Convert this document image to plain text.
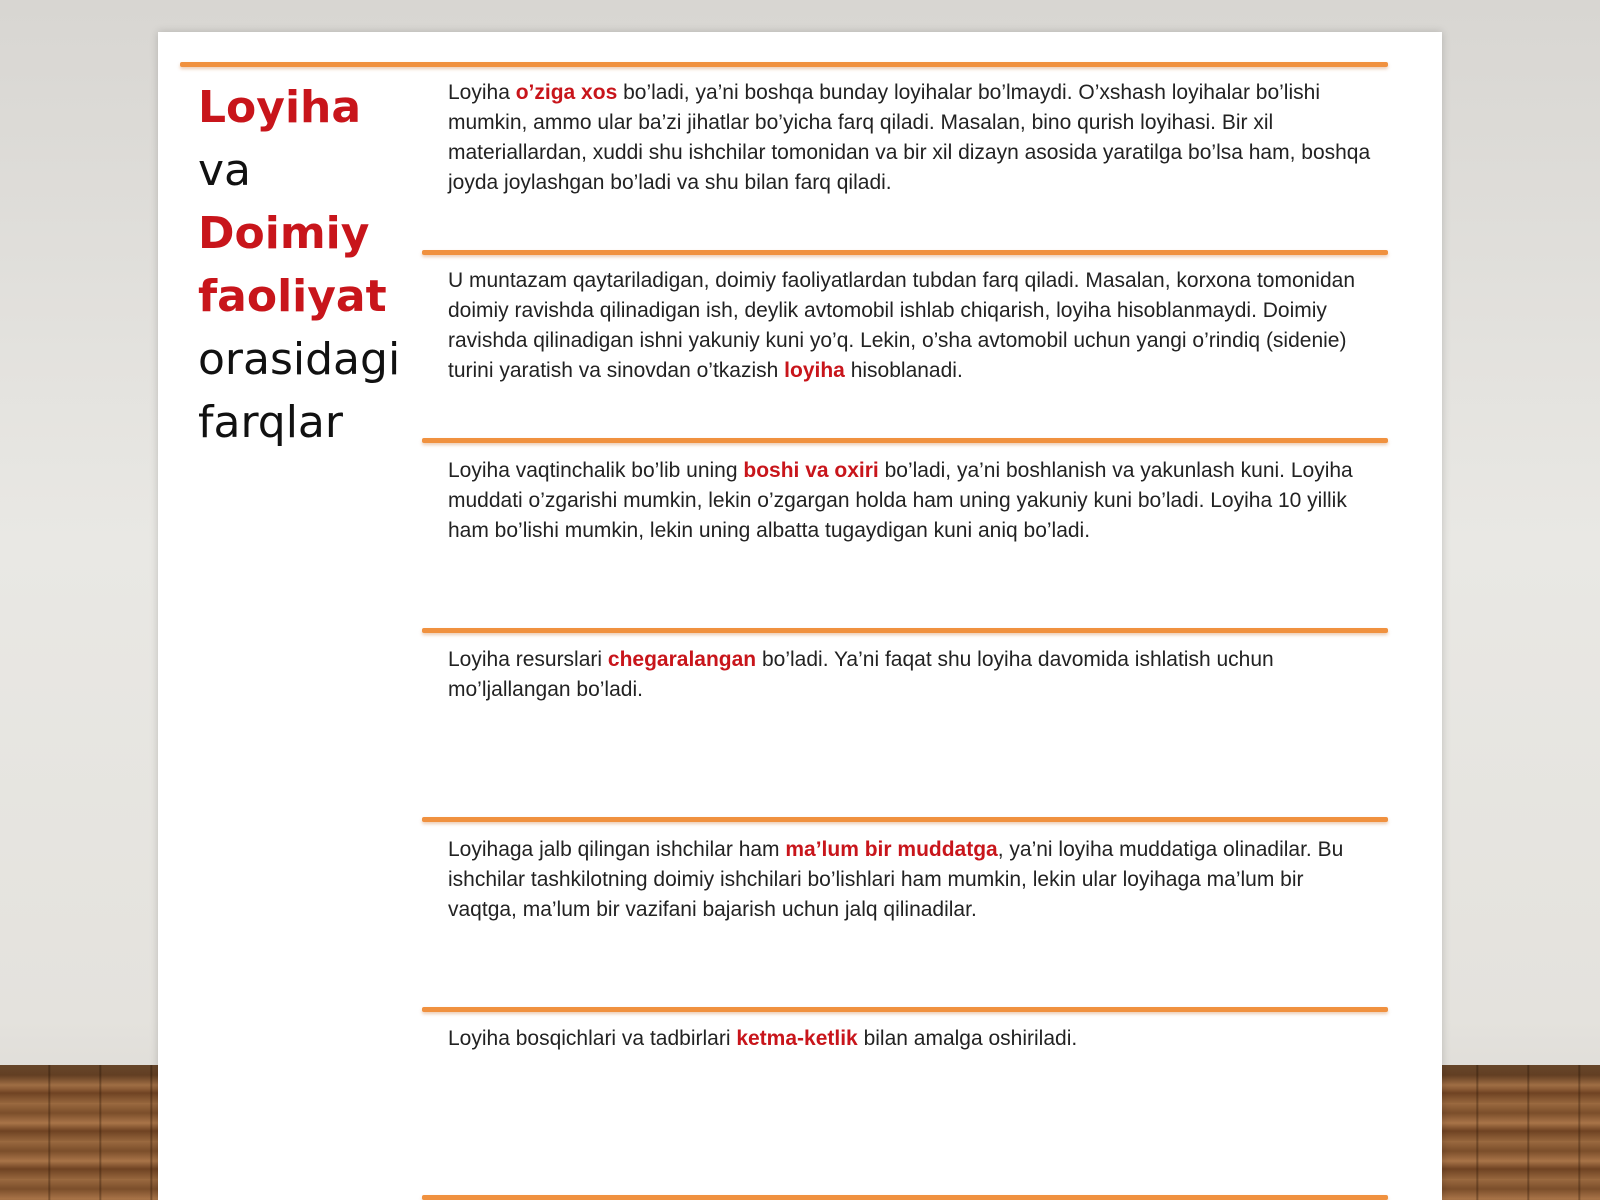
Loyiha
va
Doimiy
faoliyat
orasidagi
farqlar
Loyiha o’ziga xos bo’ladi, ya’ni boshqa bunday loyihalar bo’lmaydi. O’xshash loyihalar bo’lishi mumkin, ammo ular ba’zi jihatlar bo’yicha farq qiladi. Masalan, bino qurish loyihasi. Bir xil materiallardan, xuddi shu ishchilar tomonidan va bir xil dizayn asosida yaratilga bo’lsa ham, boshqa joyda joylashgan bo’ladi va shu bilan farq qiladi.
U muntazam qaytariladigan, doimiy faoliyatlardan tubdan farq qiladi. Masalan, korxona tomonidan doimiy ravishda qilinadigan ish, deylik avtomobil ishlab chiqarish, loyiha hisoblanmaydi. Doimiy ravishda qilinadigan ishni yakuniy kuni yo’q. Lekin, o’sha avtomobil uchun yangi o’rindiq (sidenie) turini yaratish va sinovdan o’tkazish loyiha hisoblanadi.
Loyiha vaqtinchalik bo’lib uning boshi va oxiri bo’ladi, ya’ni boshlanish va yakunlash kuni. Loyiha muddati o’zgarishi mumkin, lekin o’zgargan holda ham uning yakuniy kuni bo’ladi. Loyiha 10 yillik ham bo’lishi mumkin, lekin uning albatta tugaydigan kuni aniq bo’ladi.
Loyiha resurslari chegaralangan bo’ladi. Ya’ni faqat shu loyiha davomida ishlatish uchun mo’ljallangan bo’ladi.
Loyihaga jalb qilingan ishchilar ham ma’lum bir muddatga, ya’ni loyiha muddatiga olinadilar. Bu ishchilar tashkilotning doimiy ishchilari bo’lishlari ham mumkin, lekin ular loyihaga ma’lum bir vaqtga, ma’lum bir vazifani bajarish uchun jalq qilinadilar.
Loyiha bosqichlari va tadbirlari ketma-ketlik bilan amalga oshiriladi.
